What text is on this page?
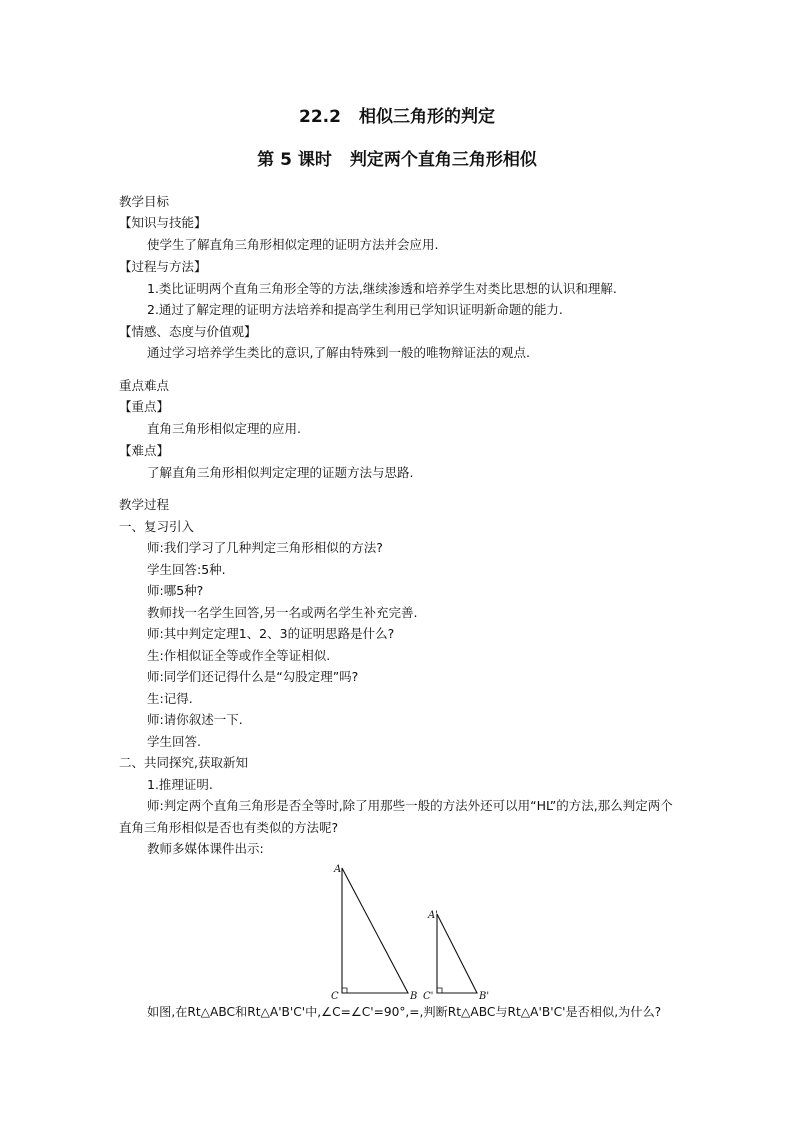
22.2 相似三角形的判定
第 5 课时 判定两个直角三角形相似
教学目标
【知识与技能】
使学生了解直角三角形相似定理的证明方法并会应用.
【过程与方法】
1.类比证明两个直角三角形全等的方法,继续渗透和培养学生对类比思想的认识和理解.
2.通过了解定理的证明方法培养和提高学生利用已学知识证明新命题的能力.
【情感、态度与价值观】
通过学习培养学生类比的意识,了解由特殊到一般的唯物辩证法的观点.
重点难点
【重点】
直角三角形相似定理的应用.
【难点】
了解直角三角形相似判定定理的证题方法与思路.
教学过程
一、复习引入
师:我们学习了几种判定三角形相似的方法?
学生回答:5种.
师:哪5种?
教师找一名学生回答,另一名或两名学生补充完善.
师:其中判定定理1、2、3的证明思路是什么?
生:作相似证全等或作全等证相似.
师:同学们还记得什么是“勾股定理”吗?
生:记得.
师:请你叙述一下.
学生回答.
二、共同探究,获取新知
1.推理证明.
师:判定两个直角三角形是否全等时,除了用那些一般的方法外还可以用“HL”的方法,那么判定两个直角三角形相似是否也有类似的方法呢?
教师多媒体课件出示:
A
C	B
A'
C'	B'
如图,在Rt△ABC和Rt△A'B'C'中,∠C=∠C'=90°,=,判断Rt△ABC与Rt△A'B'C'是否相似,为什么?
